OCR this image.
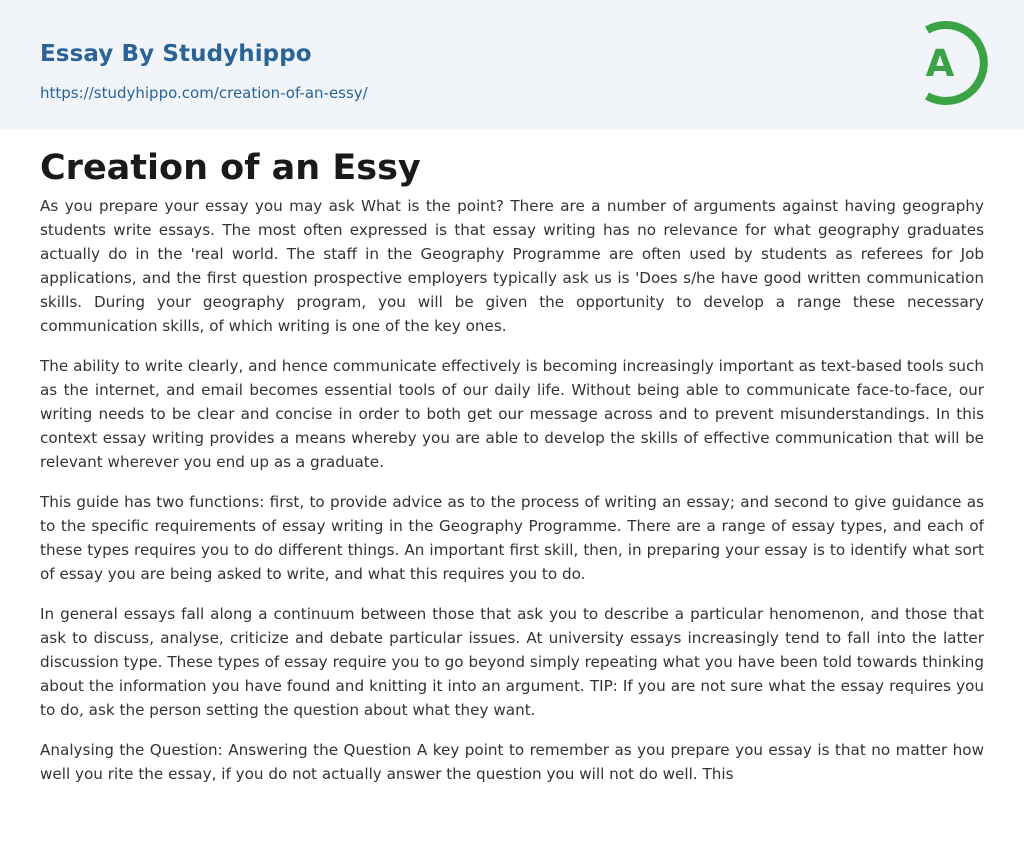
Essay By Studyhippo
https://studyhippo.com/creation-of-an-essy/
A
Creation of an Essy

As you prepare your essay you may ask What is the point? There are a number of arguments against having geography students write essays. The most often expressed is that essay writing has no relevance for what geography graduates actually do in the 'real world. The staff in the Geography Programme are often used by students as referees for Job applications, and the first question prospective employers typically ask us is 'Does s/he have good written communication skills. During your geography program, you will be given the opportunity to develop a range these necessary communication skills, of which writing is one of the key ones.

The ability to write clearly, and hence communicate effectively is becoming increasingly important as text-based tools such as the internet, and email becomes essential tools of our daily life. Without being able to communicate face-to-face, our writing needs to be clear and concise in order to both get our message across and to prevent misunderstandings. In this context essay writing provides a means whereby you are able to develop the skills of effective communication that will be relevant wherever you end up as a graduate.

This guide has two functions: first, to provide advice as to the process of writing an essay; and second to give guidance as to the specific requirements of essay writing in the Geography Programme. There are a range of essay types, and each of these types requires you to do different things. An important first skill, then, in preparing your essay is to identify what sort of essay you are being asked to write, and what this requires you to do.

In general essays fall along a continuum between those that ask you to describe a particular henomenon, and those that ask to discuss, analyse, criticize and debate particular issues. At university essays increasingly tend to fall into the latter discussion type. These types of essay require you to go beyond simply repeating what you have been told towards thinking about the information you have found and knitting it into an argument. TIP: If you are not sure what the essay requires you to do, ask the person setting the question about what they want.

Analysing the Question: Answering the Question A key point to remember as you prepare you essay is that no matter how well you rite the essay, if you do not actually answer the question you will not do well. This
